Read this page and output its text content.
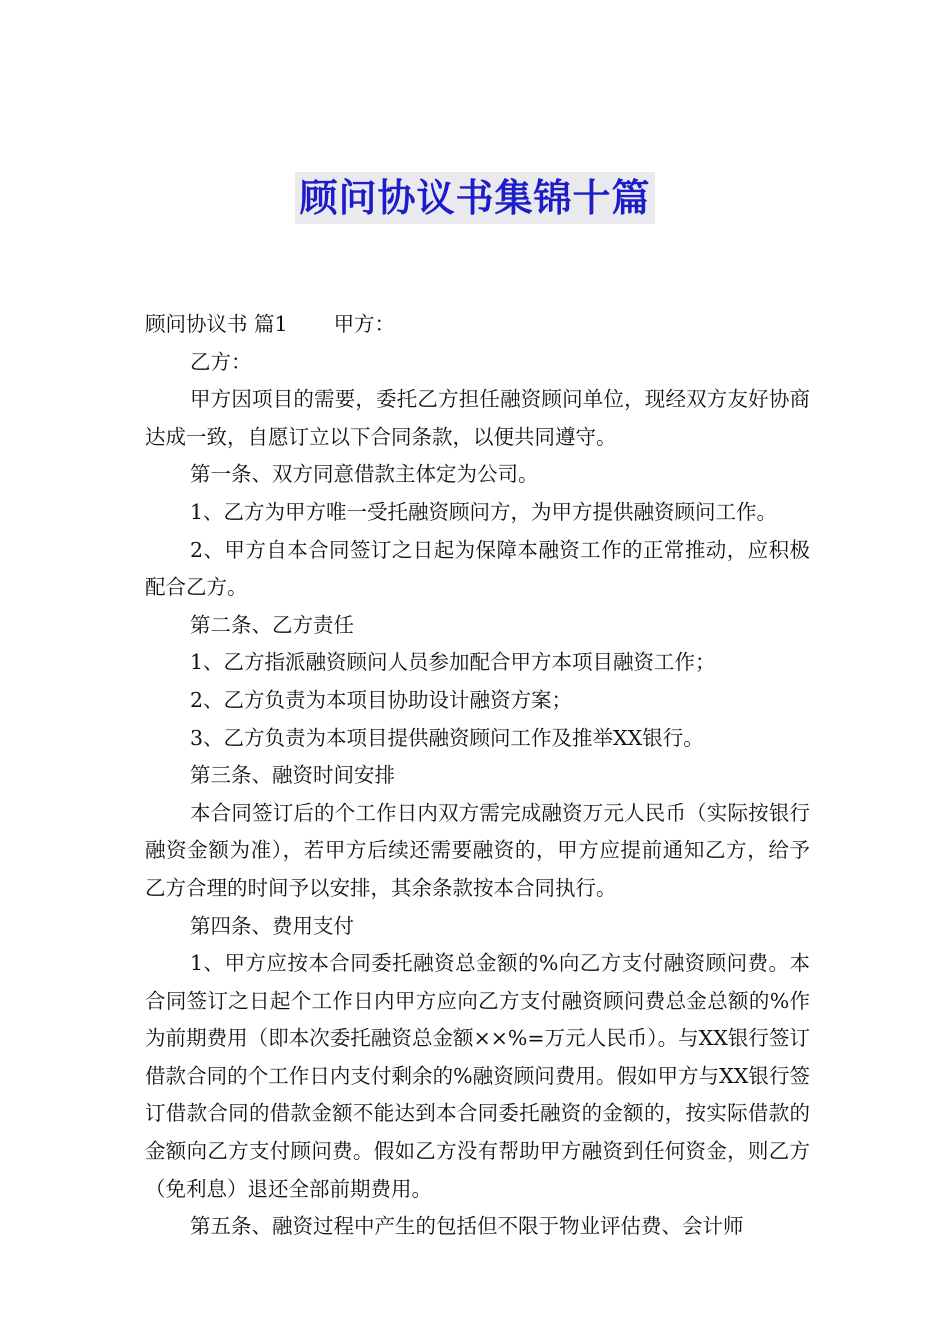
顾问协议书集锦十篇

顾问协议书 篇1 甲方：

乙方：

甲方因项目的需要，委托乙方担任融资顾问单位，现经双方友好协商达成一致，自愿订立以下合同条款，以便共同遵守。

第一条、双方同意借款主体定为公司。

1、乙方为甲方唯一受托融资顾问方，为甲方提供融资顾问工作。

2、甲方自本合同签订之日起为保障本融资工作的正常推动，应积极配合乙方。

第二条、乙方责任

1、乙方指派融资顾问人员参加配合甲方本项目融资工作；

2、乙方负责为本项目协助设计融资方案；

3、乙方负责为本项目提供融资顾问工作及推举XX银行。

第三条、融资时间安排

本合同签订后的个工作日内双方需完成融资万元人民币（实际按银行融资金额为准），若甲方后续还需要融资的，甲方应提前通知乙方，给予乙方合理的时间予以安排，其余条款按本合同执行。

第四条、费用支付

1、甲方应按本合同委托融资总金额的%向乙方支付融资顾问费。本合同签订之日起个工作日内甲方应向乙方支付融资顾问费总金总额的%作为前期费用（即本次委托融资总金额××%=万元人民币）。与XX银行签订借款合同的个工作日内支付剩余的%融资顾问费用。假如甲方与XX银行签订借款合同的借款金额不能达到本合同委托融资的金额的，按实际借款的金额向乙方支付顾问费。假如乙方没有帮助甲方融资到任何资金，则乙方（免利息）退还全部前期费用。

第五条、融资过程中产生的包括但不限于物业评估费、会计师
